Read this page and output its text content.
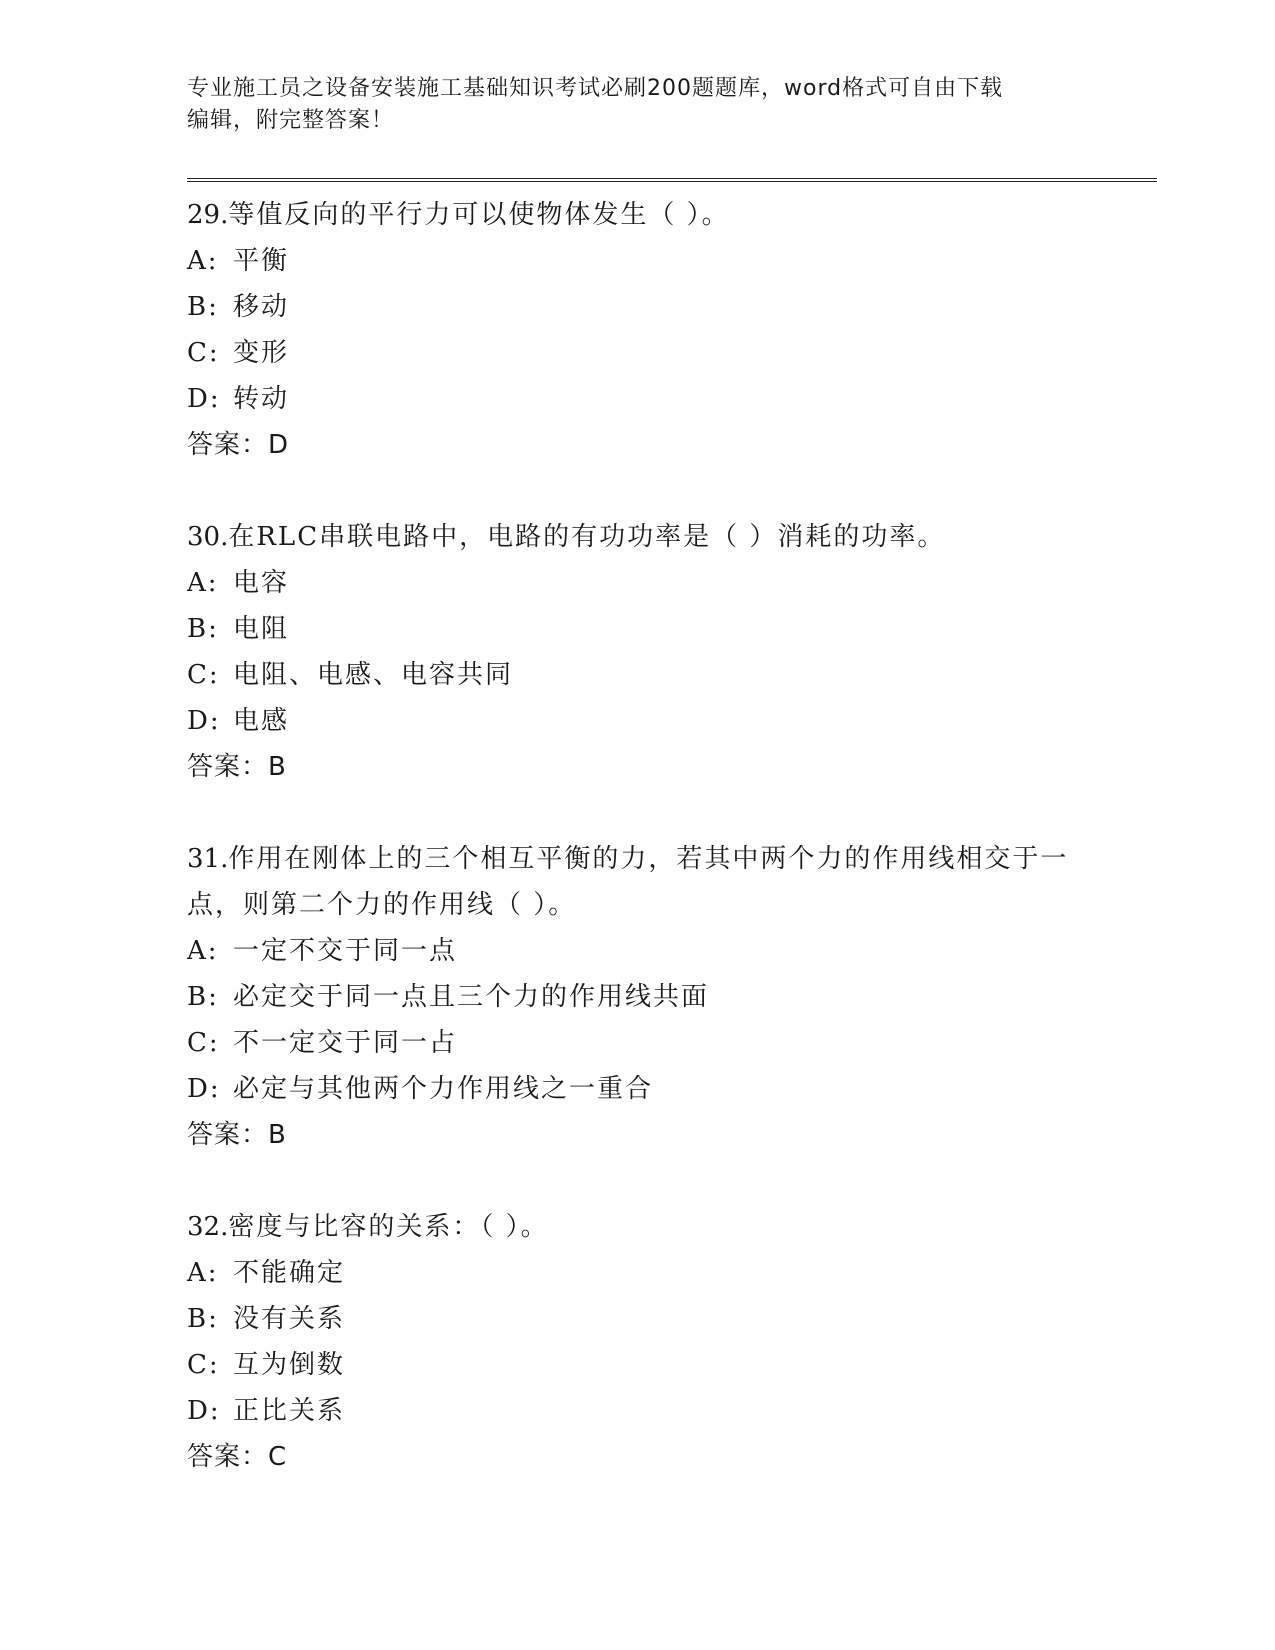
专业施工员之设备安装施工基础知识考试必刷200题题库，word格式可自由下载
编辑，附完整答案！
29.等值反向的平行力可以使物体发生（ ）。
A: 平衡
B: 移动
C: 变形
D: 转动
答案：D
30.在RLC串联电路中，电路的有功功率是（ ）消耗的功率。
A: 电容
B: 电阻
C: 电阻、电感、电容共同
D: 电感
答案：B
31.作用在刚体上的三个相互平衡的力，若其中两个力的作用线相交于一点，则第二个力的作用线（ ）。
A: 一定不交于同一点
B: 必定交于同一点且三个力的作用线共面
C: 不一定交于同一占
D: 必定与其他两个力作用线之一重合
答案：B
32.密度与比容的关系：（ ）。
A: 不能确定
B: 没有关系
C: 互为倒数
D: 正比关系
答案：C
